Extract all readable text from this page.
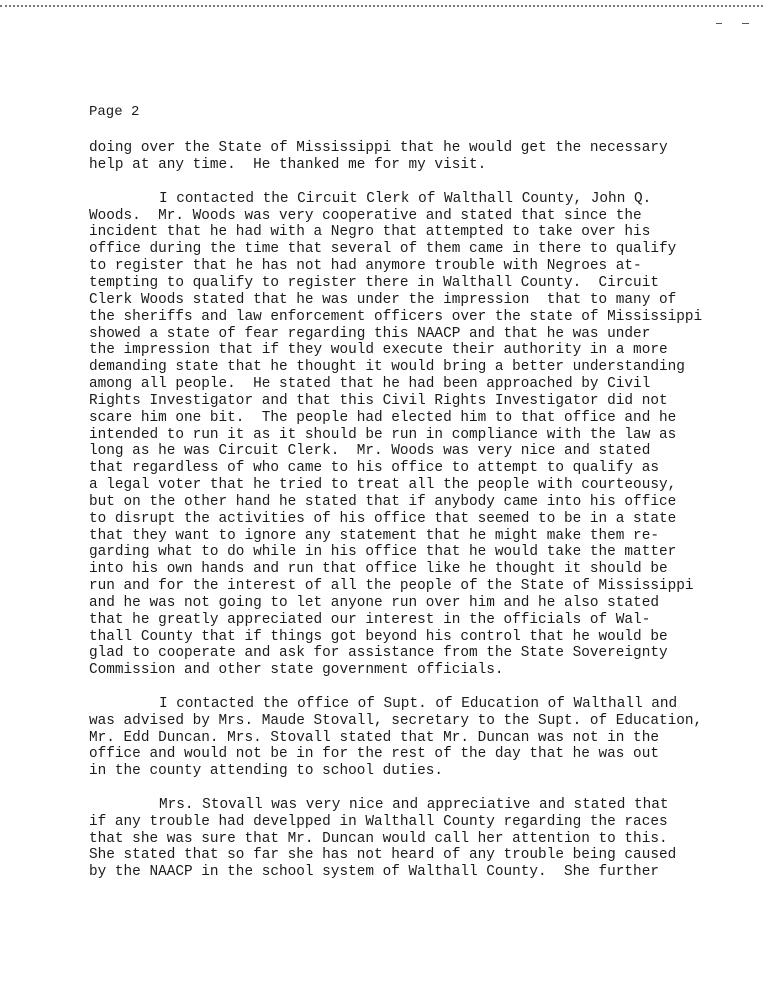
Page 2
doing over the State of Mississippi that he would get the necessary
help at any time.  He thanked me for my visit.
I contacted the Circuit Clerk of Walthall County, John Q.
Woods.  Mr. Woods was very cooperative and stated that since the
incident that he had with a Negro that attempted to take over his
office during the time that several of them came in there to qualify
to register that he has not had anymore trouble with Negroes at-
tempting to qualify to register there in Walthall County.  Circuit
Clerk Woods stated that he was under the impression  that to many of
the sheriffs and law enforcement officers over the state of Mississippi
showed a state of fear regarding this NAACP and that he was under
the impression that if they would execute their authority in a more
demanding state that he thought it would bring a better understanding
among all people.  He stated that he had been approached by Civil
Rights Investigator and that this Civil Rights Investigator did not
scare him one bit.  The people had elected him to that office and he
intended to run it as it should be run in compliance with the law as
long as he was Circuit Clerk.  Mr. Woods was very nice and stated
that regardless of who came to his office to attempt to qualify as
a legal voter that he tried to treat all the people with courteousy,
but on the other hand he stated that if anybody came into his office
to disrupt the activities of his office that seemed to be in a state
that they want to ignore any statement that he might make them re-
garding what to do while in his office that he would take the matter
into his own hands and run that office like he thought it should be
run and for the interest of all the people of the State of Mississippi
and he was not going to let anyone run over him and he also stated
that he greatly appreciated our interest in the officials of Wal-
thall County that if things got beyond his control that he would be
glad to cooperate and ask for assistance from the State Sovereignty
Commission and other state government officials.
I contacted the office of Supt. of Education of Walthall and
was advised by Mrs. Maude Stovall, secretary to the Supt. of Education,
Mr. Edd Duncan. Mrs. Stovall stated that Mr. Duncan was not in the
office and would not be in for the rest of the day that he was out
in the county attending to school duties.
Mrs. Stovall was very nice and appreciative and stated that
if any trouble had develpped in Walthall County regarding the races
that she was sure that Mr. Duncan would call her attention to this.
She stated that so far she has not heard of any trouble being caused
by the NAACP in the school system of Walthall County.  She further
